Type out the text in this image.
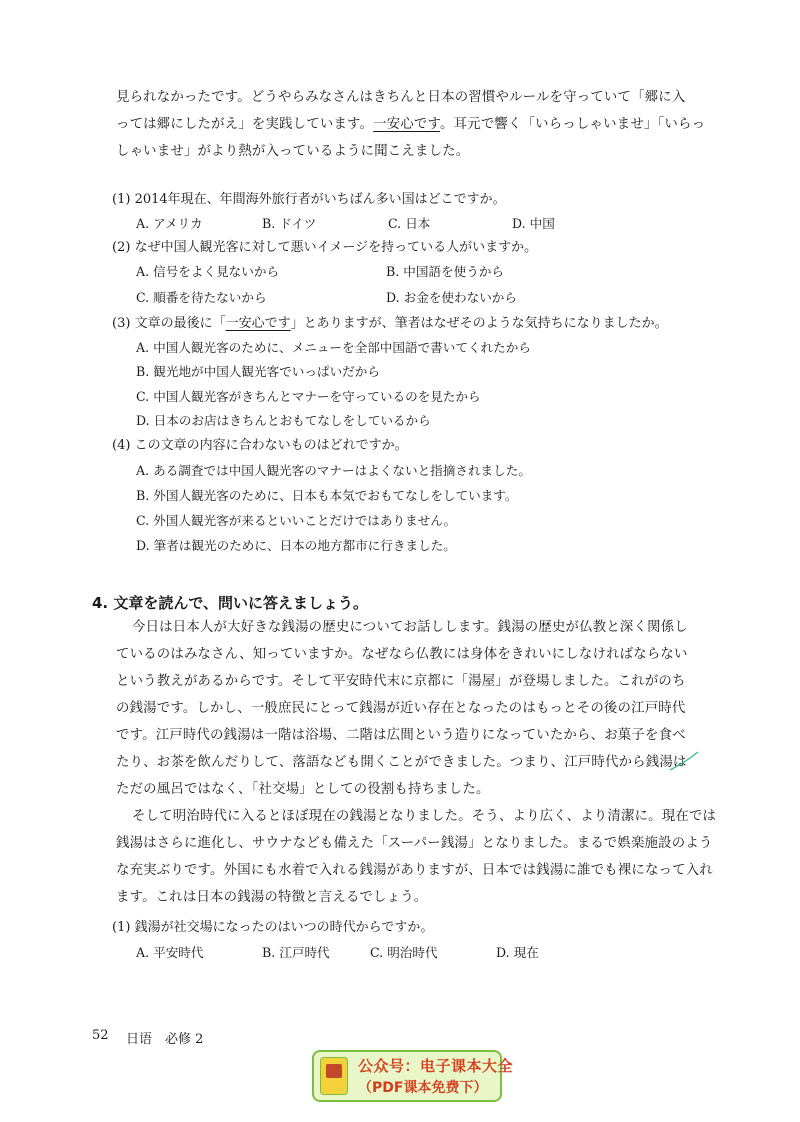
見られなかったです。どうやらみなさんはきちんと日本の習慣やルールを守っていて「郷に入
っては郷にしたがえ」を実践しています。一安心です。耳元で響く「いらっしゃいませ」「いらっ
しゃいませ」がより熱が入っているように聞こえました。
(1) 2014年現在、年間海外旅行者がいちばん多い国はどこですか。
A. アメリカ	B. ドイツ	C. 日本	D. 中国
(2) なぜ中国人観光客に対して悪いイメージを持っている人がいますか。
A. 信号をよく見ないから	B. 中国語を使うから
C. 順番を待たないから	D. お金を使わないから
(3) 文章の最後に「一安心です」とありますが、筆者はなぜそのような気持ちになりましたか。
A. 中国人観光客のために、メニューを全部中国語で書いてくれたから
B. 観光地が中国人観光客でいっぱいだから
C. 中国人観光客がきちんとマナーを守っているのを見たから
D. 日本のお店はきちんとおもてなしをしているから
(4) この文章の内容に合わないものはどれですか。
A. ある調査では中国人観光客のマナーはよくないと指摘されました。
B. 外国人観光客のために、日本も本気でおもてなしをしています。
C. 外国人観光客が来るといいことだけではありません。
D. 筆者は観光のために、日本の地方都市に行きました。
4. 文章を読んで、問いに答えましょう。
今日は日本人が大好きな銭湯の歴史についてお話しします。銭湯の歴史が仏教と深く関係し
ているのはみなさん、知っていますか。なぜなら仏教には身体をきれいにしなければならない
という教えがあるからです。そして平安時代末に京都に「湯屋」が登場しました。これがのち
の銭湯です。しかし、一般庶民にとって銭湯が近い存在となったのはもっとその後の江戸時代
です。江戸時代の銭湯は一階は浴場、二階は広間という造りになっていたから、お菓子を食べ
たり、お茶を飲んだりして、落語なども開くことができました。つまり、江戸時代から銭湯は
ただの風呂ではなく、「社交場」としての役割も持ちました。
そして明治時代に入るとほぼ現在の銭湯となりました。そう、より広く、より清潔に。現在では
銭湯はさらに進化し、サウナなども備えた「スーパー銭湯」となりました。まるで娯楽施設のよう
な充実ぶりです。外国にも水着で入れる銭湯がありますが、日本では銭湯に誰でも裸になって入れ
ます。これは日本の銭湯の特徴と言えるでしょう。
(1) 銭湯が社交場になったのはいつの時代からですか。
A. 平安時代	B. 江戸時代	C. 明治時代	D. 現在
52 日语　必修 2
公众号：电子课本大全
（PDF课本免费下）
